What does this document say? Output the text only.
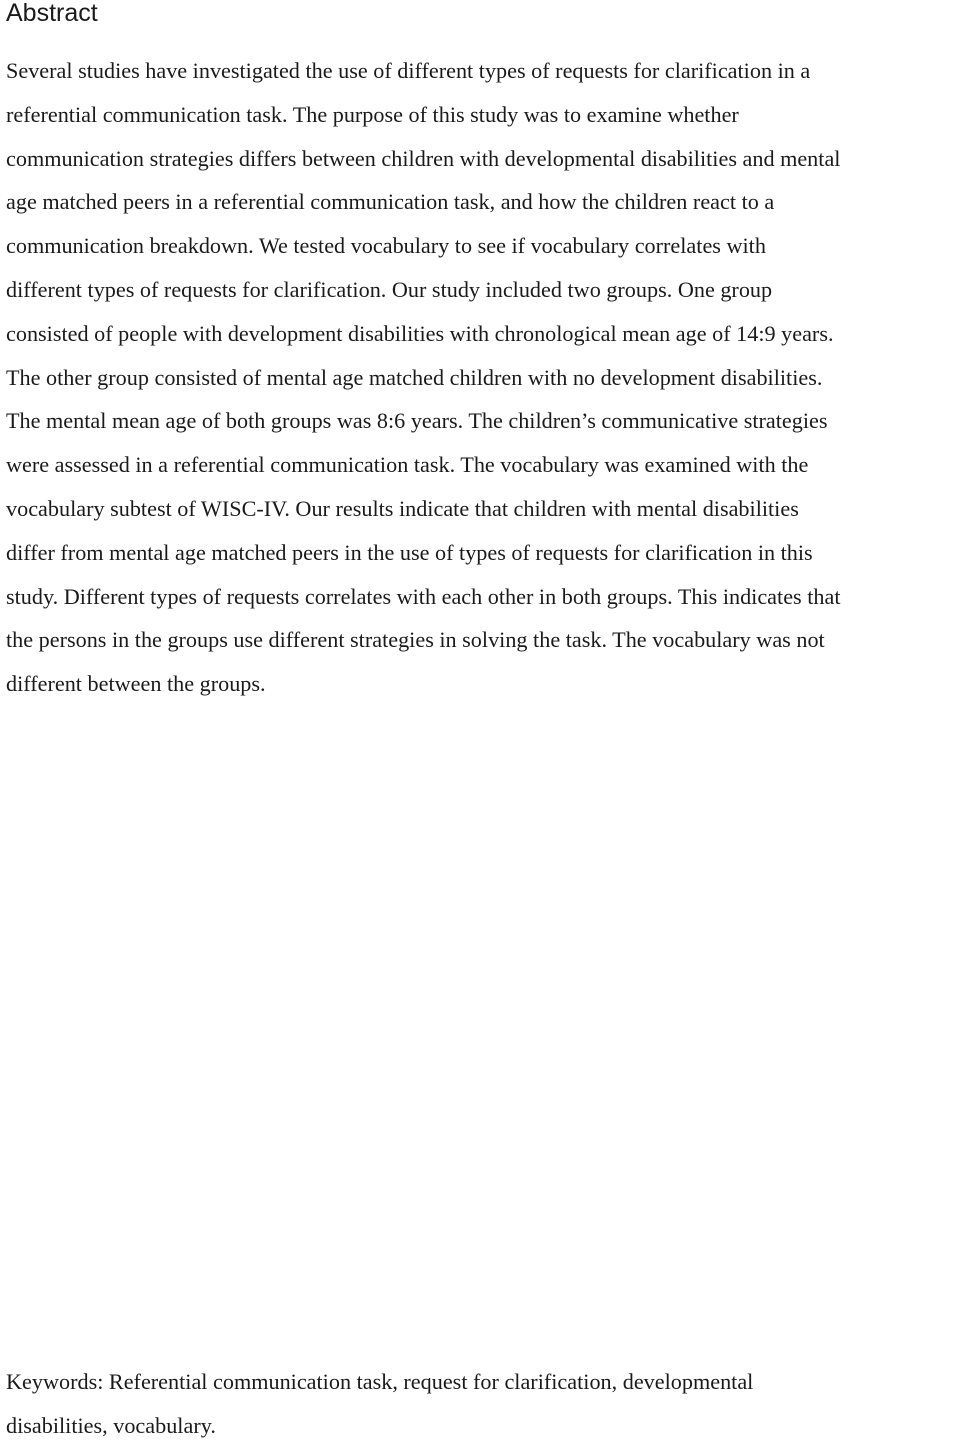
Abstract
Several studies have investigated the use of different types of requests for clarification in a
referential communication task. The purpose of this study was to examine whether
communication strategies differs between children with developmental disabilities and mental
age matched peers in a referential communication task, and how the children react to a
communication breakdown. We tested vocabulary to see if vocabulary correlates with
different types of requests for clarification. Our study included two groups. One group
consisted of people with development disabilities with chronological mean age of 14:9 years.
The other group consisted of mental age matched children with no development disabilities.
The mental mean age of both groups was 8:6 years. The children’s communicative strategies
were assessed in a referential communication task. The vocabulary was examined with the
vocabulary subtest of WISC-IV. Our results indicate that children with mental disabilities
differ from mental age matched peers in the use of types of requests for clarification in this
study. Different types of requests correlates with each other in both groups. This indicates that
the persons in the groups use different strategies in solving the task. The vocabulary was not
different between the groups.
Keywords: Referential communication task, request for clarification, developmental
disabilities, vocabulary.
